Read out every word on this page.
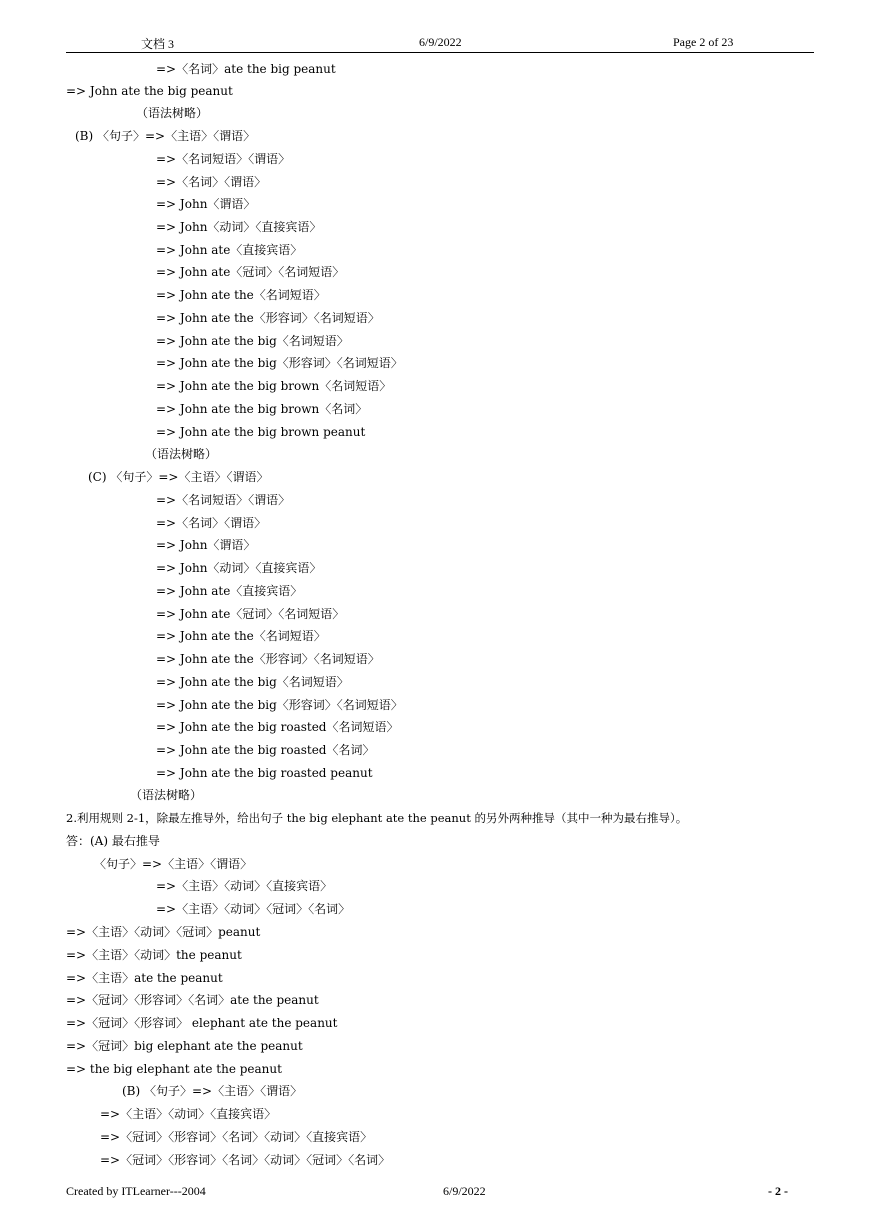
文档 3	6/9/2022	Page 2 of 23
=>〈名词〉ate the big peanut
=> John ate the big peanut
（语法树略）
(B) 〈句子〉=>〈主语〉〈谓语〉
=>〈名词短语〉〈谓语〉
=>〈名词〉〈谓语〉
=> John〈谓语〉
=> John〈动词〉〈直接宾语〉
=> John ate〈直接宾语〉
=> John ate〈冠词〉〈名词短语〉
=> John ate the〈名词短语〉
=> John ate the〈形容词〉〈名词短语〉
=> John ate the big〈名词短语〉
=> John ate the big〈形容词〉〈名词短语〉
=> John ate the big brown〈名词短语〉
=> John ate the big brown〈名词〉
=> John ate the big brown peanut
（语法树略）
(C) 〈句子〉=>〈主语〉〈谓语〉
=>〈名词短语〉〈谓语〉
=>〈名词〉〈谓语〉
=> John〈谓语〉
=> John〈动词〉〈直接宾语〉
=> John ate〈直接宾语〉
=> John ate〈冠词〉〈名词短语〉
=> John ate the〈名词短语〉
=> John ate the〈形容词〉〈名词短语〉
=> John ate the big〈名词短语〉
=> John ate the big〈形容词〉〈名词短语〉
=> John ate the big roasted〈名词短语〉
=> John ate the big roasted〈名词〉
=> John ate the big roasted peanut
（语法树略）
2.利用规则 2-1，除最左推导外，给出句子 the big elephant ate the peanut 的另外两种推导（其中一种为最右推导）。
答：(A) 最右推导
〈句子〉=>〈主语〉〈谓语〉
=>〈主语〉〈动词〉〈直接宾语〉
=>〈主语〉〈动词〉〈冠词〉〈名词〉
=>〈主语〉〈动词〉〈冠词〉peanut
=>〈主语〉〈动词〉the peanut
=>〈主语〉ate the peanut
=>〈冠词〉〈形容词〉〈名词〉ate the peanut
=>〈冠词〉〈形容词〉 elephant ate the peanut
=>〈冠词〉big elephant ate the peanut
=> the big elephant ate the peanut
(B) 〈句子〉=>〈主语〉〈谓语〉
=>〈主语〉〈动词〉〈直接宾语〉
=>〈冠词〉〈形容词〉〈名词〉〈动词〉〈直接宾语〉
=>〈冠词〉〈形容词〉〈名词〉〈动词〉〈冠词〉〈名词〉
Created by ITLearner---2004	6/9/2022	- 2 -
